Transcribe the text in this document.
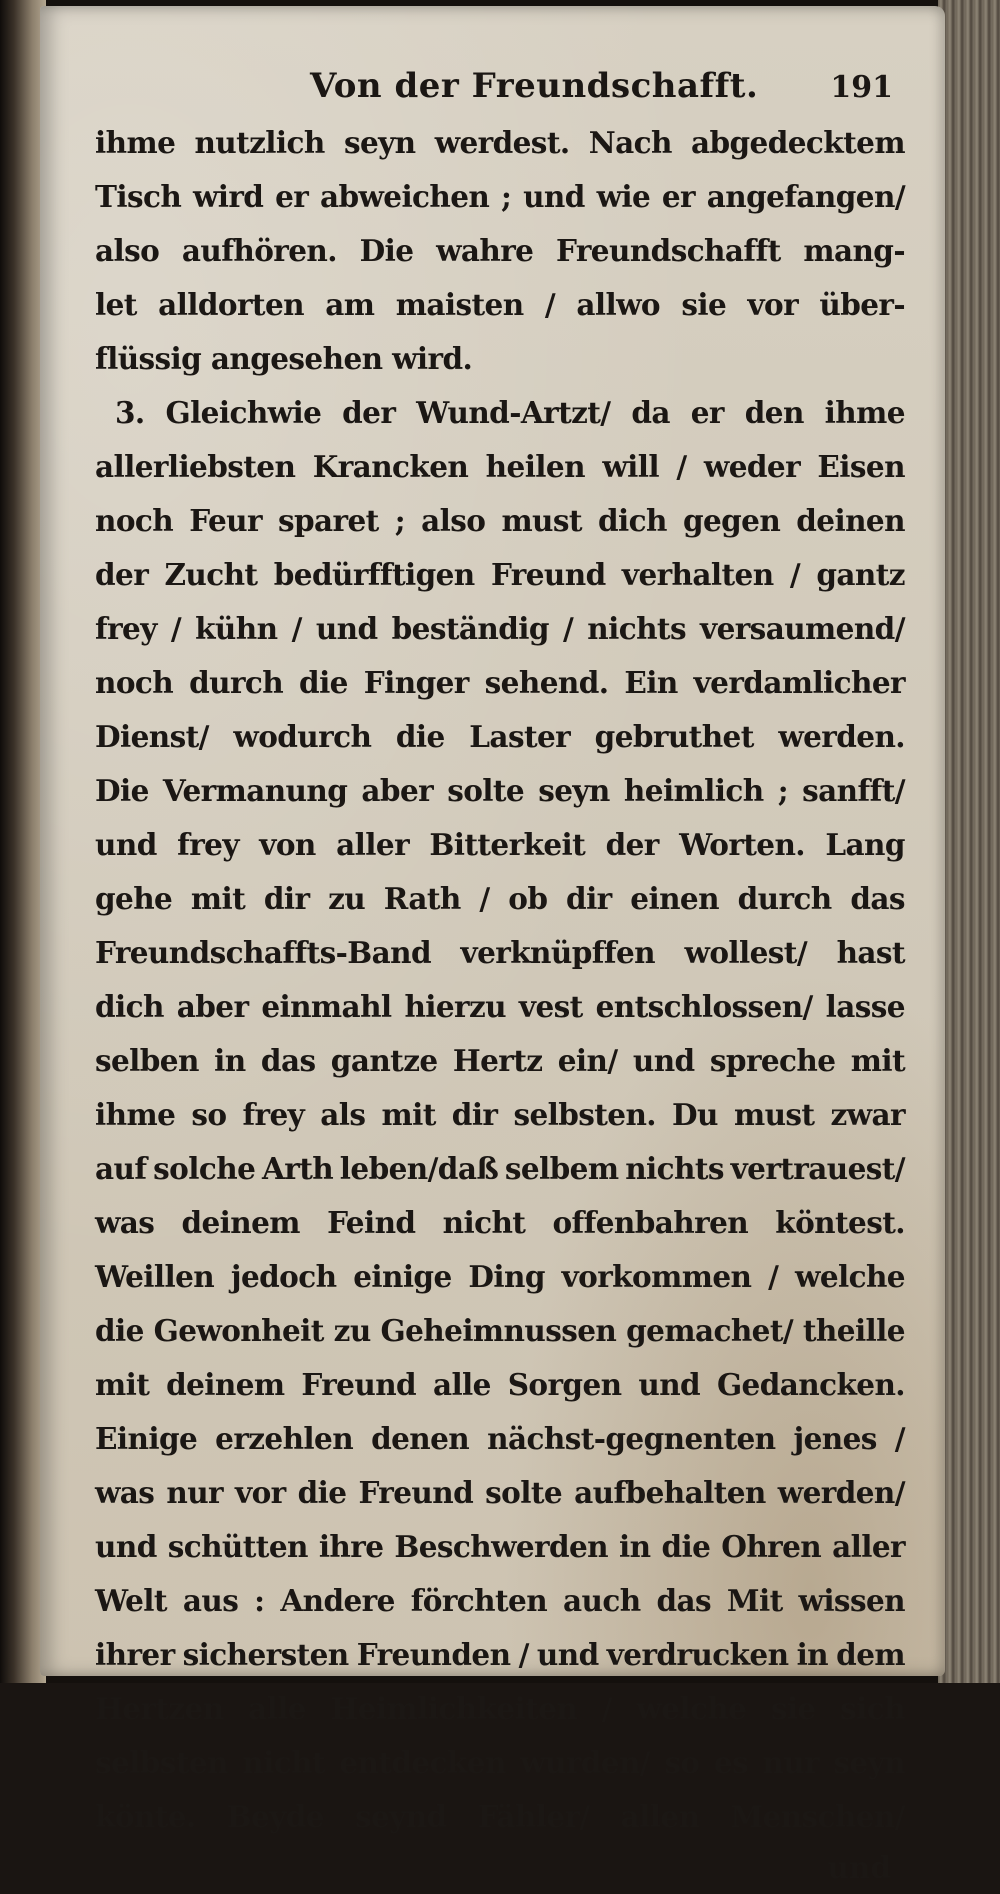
Von der Freundschafft. 191
ihme nutzlich seyn werdest. Nach abgedecktem
Tisch wird er abweichen ; und wie er angefangen/
also aufhören. Die wahre Freundschafft mang-
let alldorten am maisten / allwo sie vor über-
flüssig angesehen wird.
3. Gleichwie der Wund-Artzt/ da er den ihme
allerliebsten Krancken heilen will / weder Eisen
noch Feur sparet ; also must dich gegen deinen
der Zucht bedürfftigen Freund verhalten / gantz
frey / kühn / und beständig / nichts versaumend/
noch durch die Finger sehend. Ein verdamlicher
Dienst/ wodurch die Laster gebruthet werden.
Die Vermanung aber solte seyn heimlich ; sanfft/
und frey von aller Bitterkeit der Worten. Lang
gehe mit dir zu Rath / ob dir einen durch das
Freundschaffts-Band verknüpffen wollest/ hast
dich aber einmahl hierzu vest entschlossen/ lasse
selben in das gantze Hertz ein/ und spreche mit
ihme so frey als mit dir selbsten. Du must zwar
auf solche Arth leben/daß selbem nichts vertrauest/
was deinem Feind nicht offenbahren köntest.
Weillen jedoch einige Ding vorkommen / welche
die Gewonheit zu Geheimnussen gemachet/ theille
mit deinem Freund alle Sorgen und Gedancken.
Einige erzehlen denen nächst-gegnenten jenes /
was nur vor die Freund solte aufbehalten werden/
und schütten ihre Beschwerden in die Ohren aller
Welt aus : Andere förchten auch das Mit wissen
ihrer sichersten Freunden / und verdrucken in dem
Hertzen alle Heimlichkeiten / welche sie sich
selbsten nicht entdecken wurden/ so es nur seyn
könte. Beyde seynd Fähler/ allen Menschen/
und
